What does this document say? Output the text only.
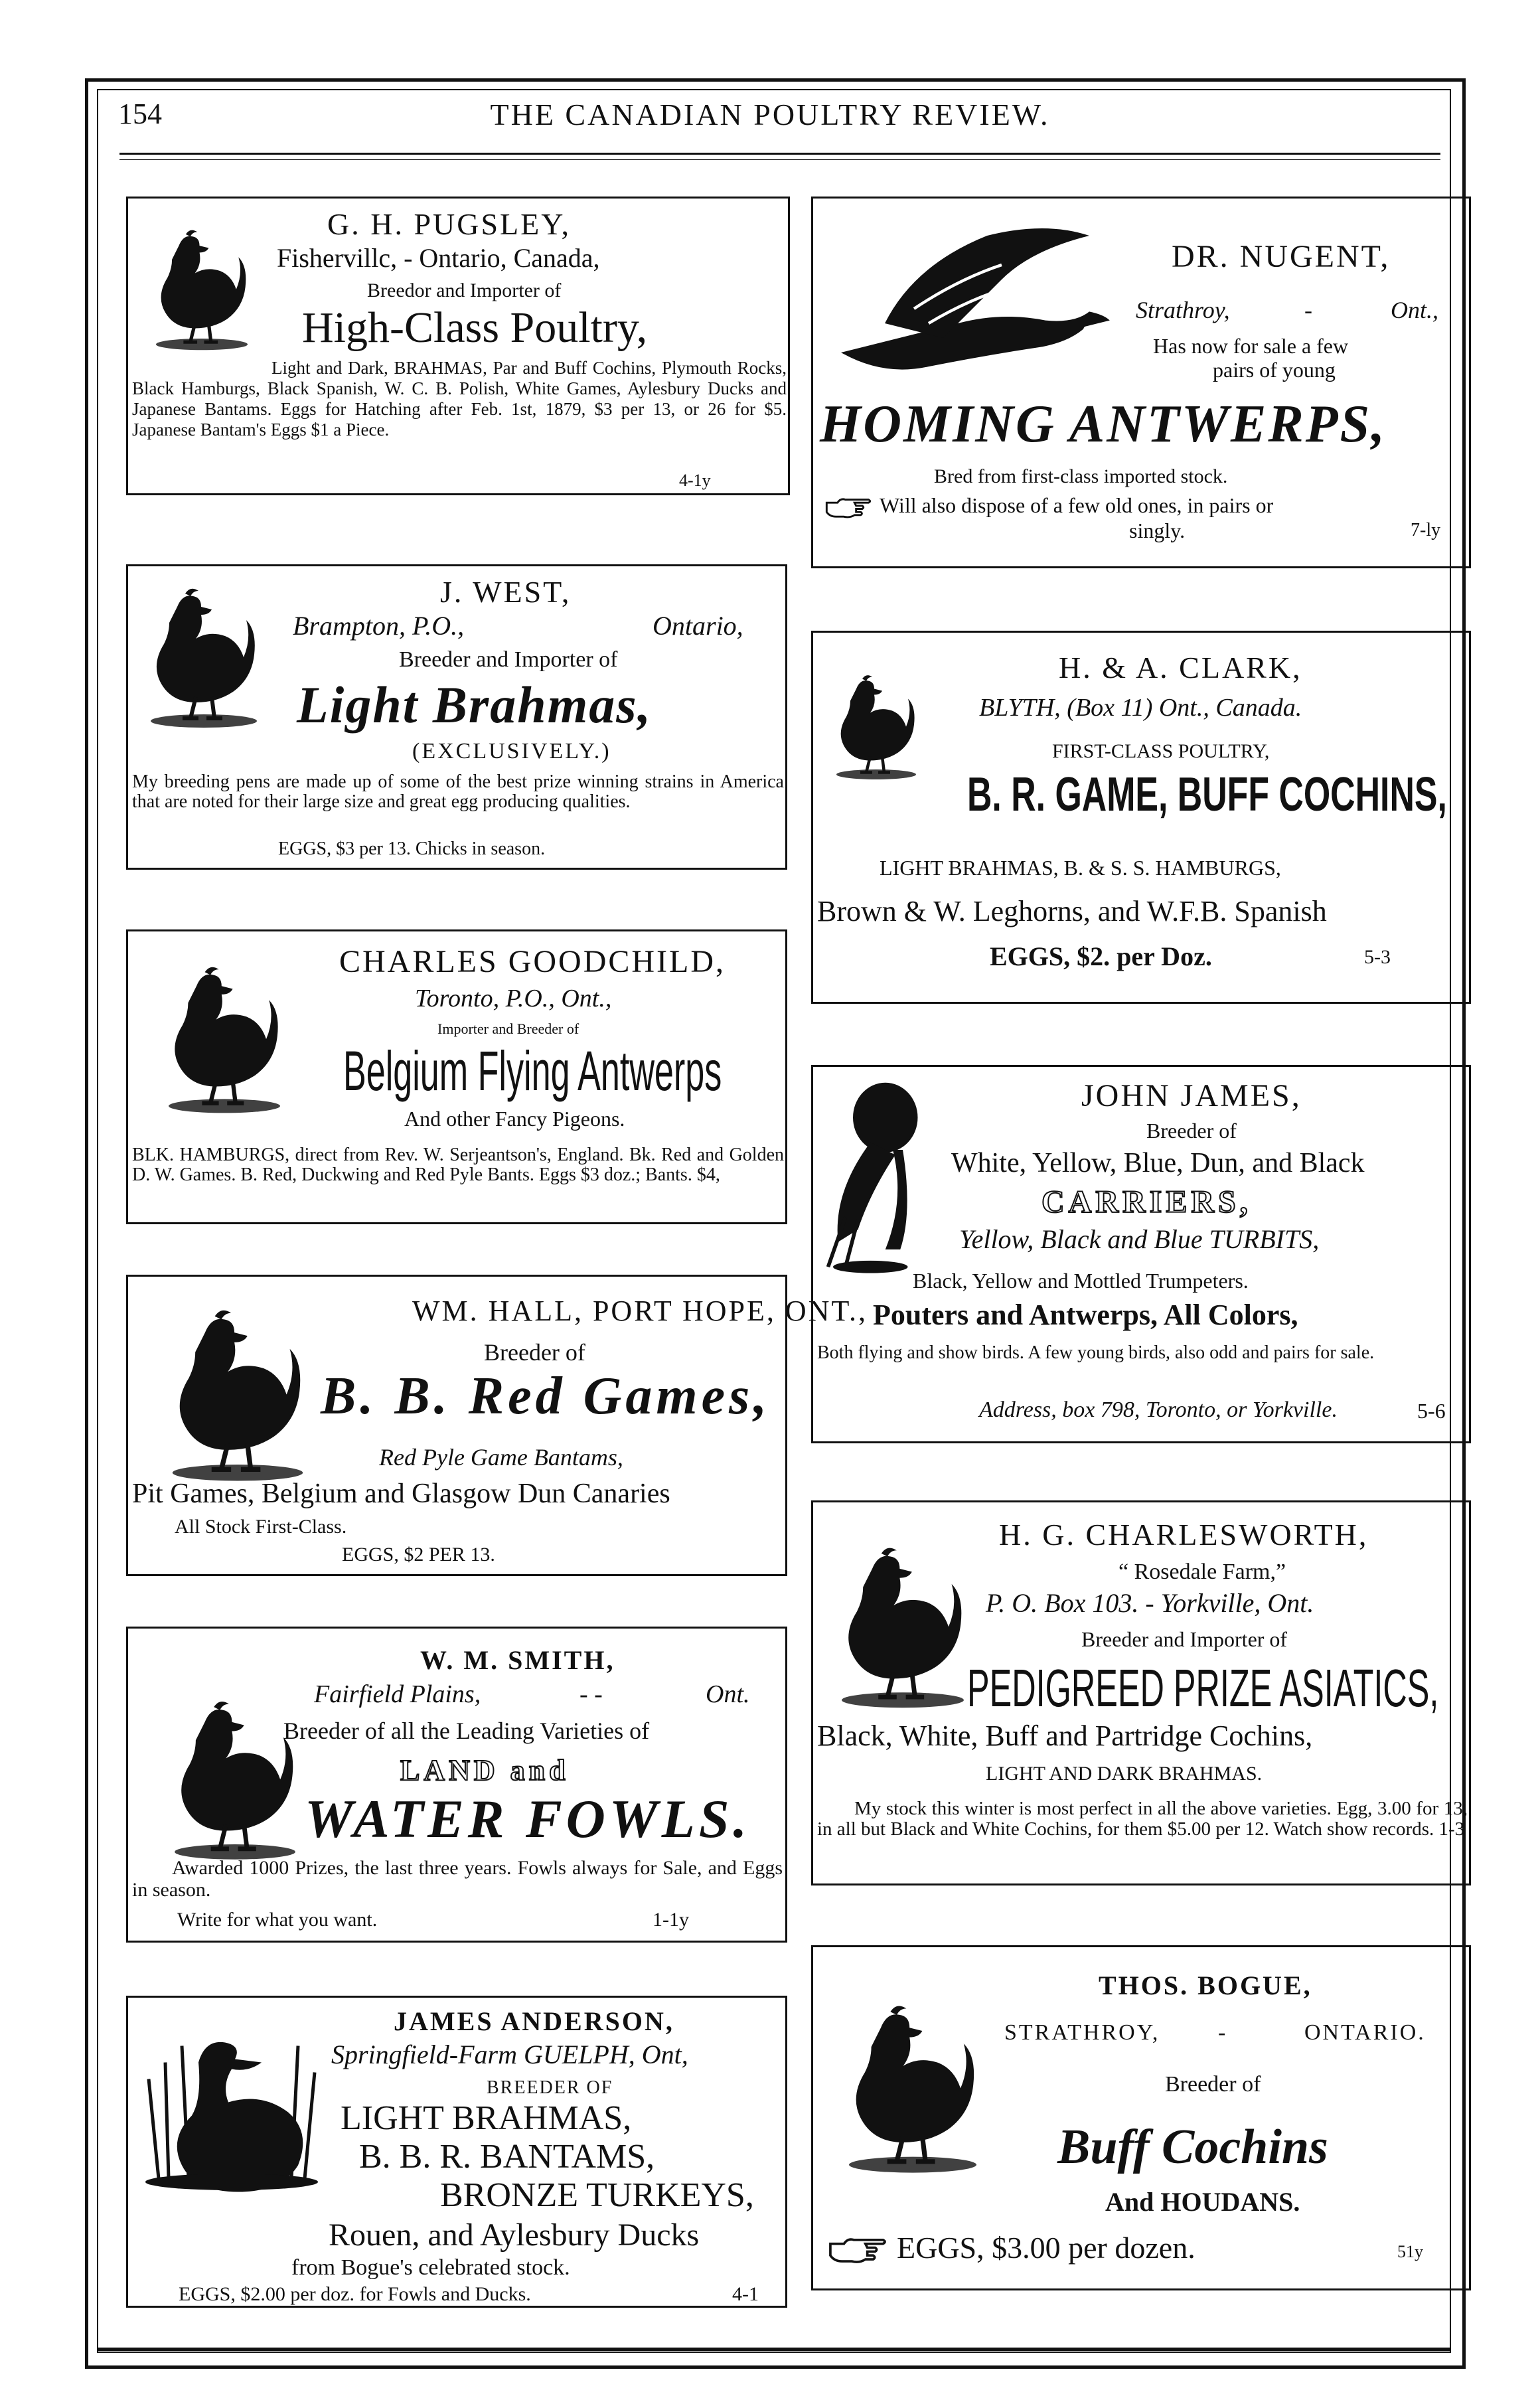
154	THE CANADIAN POULTRY REVIEW.
G. H. PUGSLEY,
Fishervillc, - Ontario, Canada,
Breedor and Importer of
High-Class Poultry,
Light and Dark, BRAHMAS, Par and Buff Cochins, Plymouth Rocks, Black Hamburgs, Black Spanish, W. C. B. Polish, White Games, Aylesbury Ducks and Japanese Bantams. Eggs for Hatching after Feb. 1st, 1879, $3 per 13, or 26 for $5. Japanese Bantam's Eggs $1 a Piece.
4-1y
DR. NUGENT,
Strathroy,	-	Ont.,
Has now for sale a few
pairs of young
HOMING ANTWERPS,
Bred from first-class imported stock.
Will also dispose of a few old ones, in pairs or
singly.	7-ly
J. WEST,
Brampton, P.O.,	Ontario,
Breeder and Importer of
Light Brahmas,
(EXCLUSIVELY.)
My breeding pens are made up of some of the best prize winning strains in America that are noted for their large size and great egg producing qualities.
EGGS, $3 per 13. Chicks in season.
H. & A. CLARK,
BLYTH, (Box 11) Ont., Canada.
FIRST-CLASS POULTRY,
B. R. GAME, BUFF COCHINS,
LIGHT BRAHMAS, B. & S. S. HAMBURGS,
Brown & W. Leghorns, and W.F.B. Spanish
EGGS, $2. per Doz.	5-3
CHARLES GOODCHILD,
Toronto, P.O., Ont.,
Importer and Breeder of
Belgium Flying Antwerps
And other Fancy Pigeons.
BLK. HAMBURGS, direct from Rev. W. Serjeantson's, England. Bk. Red and Golden D. W. Games. B. Red, Duckwing and Red Pyle Bants. Eggs $3 doz.; Bants. $4,
JOHN JAMES,
Breeder of
White, Yellow, Blue, Dun, and Black
CARRIERS,
Yellow, Black and Blue TURBITS,
Black, Yellow and Mottled Trumpeters.
Pouters and Antwerps, All Colors,
Both flying and show birds. A few young birds, also odd and pairs for sale.
Address, box 798, Toronto, or Yorkville.	5-6
WM. HALL, PORT HOPE, ONT.,
Breeder of
B. B. Red Games,
Red Pyle Game Bantams,
Pit Games, Belgium and Glasgow Dun Canaries
All Stock First-Class.
EGGS, $2 PER 13.
H. G. CHARLESWORTH,
“ Rosedale Farm,”
P. O. Box 103. - Yorkville, Ont.
Breeder and Importer of
PEDIGREED PRIZE ASIATICS,
Black, White, Buff and Partridge Cochins,
LIGHT AND DARK BRAHMAS.
My stock this winter is most perfect in all the above varieties. Egg, 3.00 for 13, in all but Black and White Cochins, for them $5.00 per 12. Watch show records. 1-3
W. M. SMITH,
Fairfield Plains,	- -	Ont.
Breeder of all the Leading Varieties of
LAND and
WATER FOWLS.
Awarded 1000 Prizes, the last three years. Fowls always for Sale, and Eggs in season.
Write for what you want.	1-1y
THOS. BOGUE,
STRATHROY,	-	ONTARIO.
Breeder of
Buff Cochins
And HOUDANS.
EGGS, $3.00 per dozen.	51y
JAMES ANDERSON,
Springfield-Farm GUELPH, Ont,
BREEDER OF
LIGHT BRAHMAS,
B. B. R. BANTAMS,
BRONZE TURKEYS,
Rouen, and Aylesbury Ducks
from Bogue's celebrated stock.
EGGS, $2.00 per doz. for Fowls and Ducks.	4-1
